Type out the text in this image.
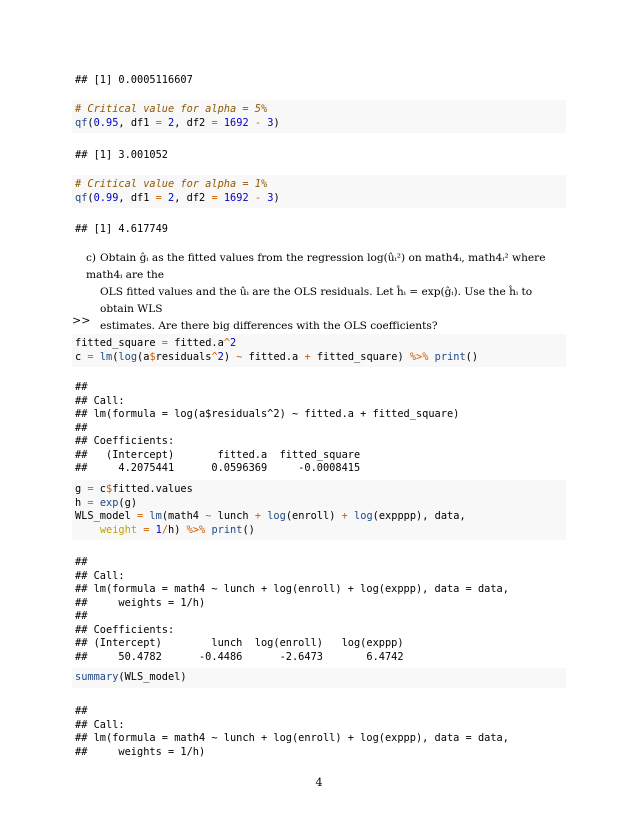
## [1] 0.0005116607
# Critical value for alpha = 5%
qf(0.95, df1 = 2, df2 = 1692 - 3)
## [1] 3.001052
# Critical value for alpha = 1%
qf(0.99, df1 = 2, df2 = 1692 - 3)
## [1] 4.617749
c) Obtain ĝᵢ as the fitted values from the regression log(ûᵢ²) on math4ᵢ, math4ᵢ² where math4ᵢ are the
OLS fitted values and the ûᵢ are the OLS residuals. Let ĥᵢ = exp(ĝᵢ). Use the ĥᵢ to obtain WLS
estimates. Are there big differences with the OLS coefficients?
>>
fitted_square = fitted.a^2
c = lm(log(a$residuals^2) ~ fitted.a + fitted_square) %>% print()
##
## Call:
## lm(formula = log(a$residuals^2) ~ fitted.a + fitted_square)
##
## Coefficients:
##   (Intercept)       fitted.a  fitted_square
##     4.2075441      0.0596369     -0.0008415
g = c$fitted.values
h = exp(g)
WLS_model = lm(math4 ~ lunch + log(enroll) + log(expppp), data,
weight = 1/h) %>% print()
##
## Call:
## lm(formula = math4 ~ lunch + log(enroll) + log(exppp), data = data,
##     weights = 1/h)
##
## Coefficients:
## (Intercept)        lunch  log(enroll)   log(exppp)
##     50.4782      -0.4486      -2.6473       6.4742
summary(WLS_model)
##
## Call:
## lm(formula = math4 ~ lunch + log(enroll) + log(exppp), data = data,
##     weights = 1/h)
4
